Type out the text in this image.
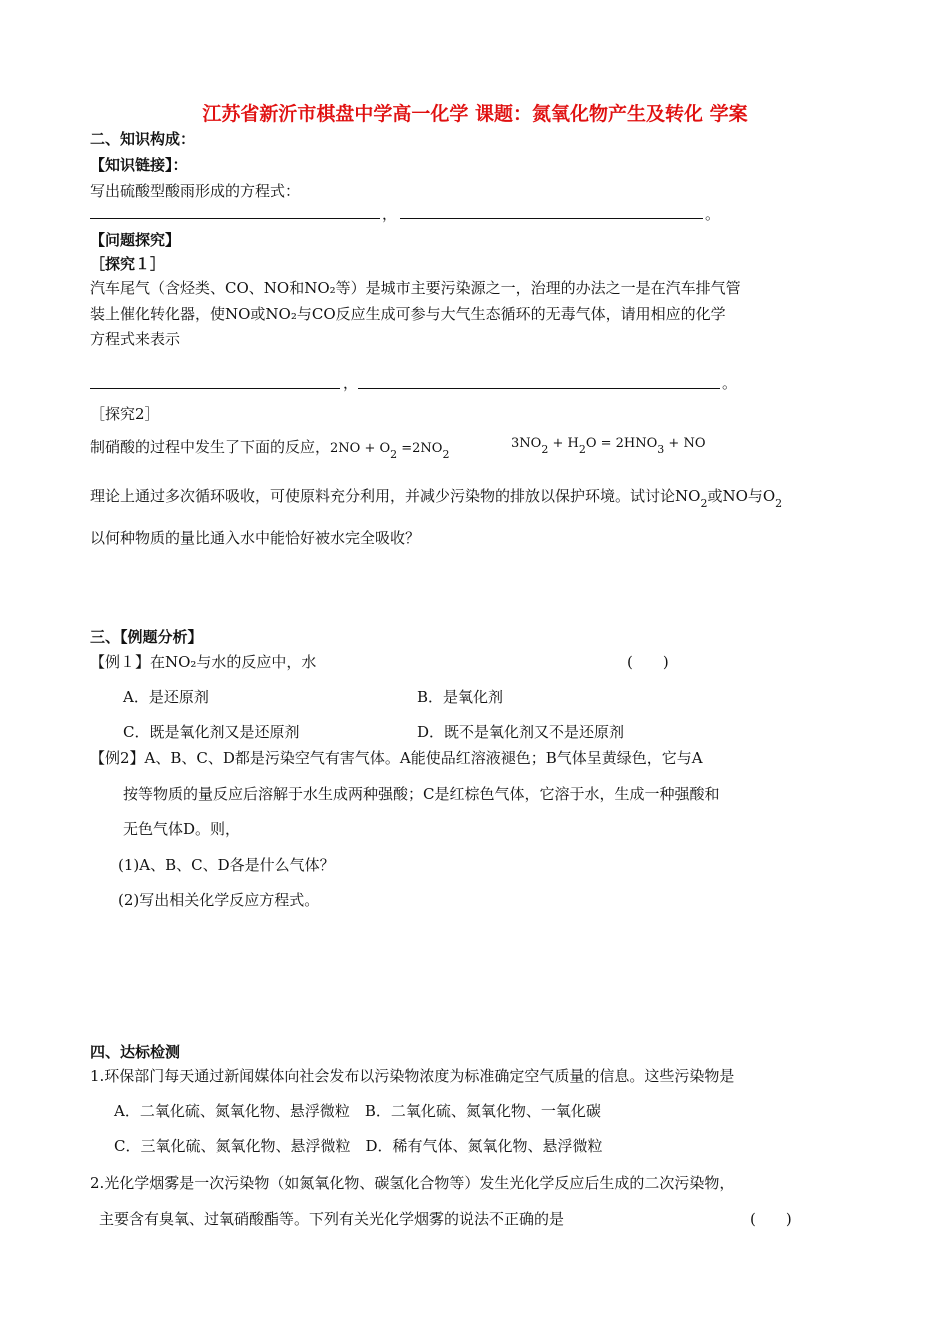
江苏省新沂市棋盘中学高一化学 课题：氮氧化物产生及转化 学案
二、知识构成：
【知识链接】：
写出硫酸型酸雨形成的方程式：
，	。
【问题探究】
［探究１］
汽车尾气（含烃类、CO、NO和NO₂等）是城市主要污染源之一，治理的办法之一是在汽车排气管
装上催化转化器，使NO或NO₂与CO反应生成可参与大气生态循环的无毒气体，请用相应的化学
方程式来表示
，	。
［探究2］
制硝酸的过程中发生了下面的反应，$2NO + O_2 =2NO_2$
$3NO_2 + H_2O = 2HNO_3$ + NO
理论上通过多次循环吸收，可使原料充分利用，并减少污染物的排放以保护环境。试讨论$NO_2$或NO与$O_2$
以何种物质的量比通入水中能恰好被水完全吸收？
三、【例题分析】
【例１】在NO₂与水的反应中，水	(　　)
A．是还原剂	B．是氧化剂
C．既是氧化剂又是还原剂	D．既不是氧化剂又不是还原剂
【例2】A、B、C、D都是污染空气有害气体。A能使品红溶液褪色；B气体呈黄绿色，它与A
按等物质的量反应后溶解于水生成两种强酸；C是红棕色气体，它溶于水，生成一种强酸和
无色气体D。则，
(1)A、B、C、D各是什么气体？
(2)写出相关化学反应方程式。
四、达标检测
1.环保部门每天通过新闻媒体向社会发布以污染物浓度为标准确定空气质量的信息。这些污染物是
A．二氧化硫、氮氧化物、悬浮微粒　B．二氧化硫、氮氧化物、一氧化碳
C．三氧化硫、氮氧化物、悬浮微粒　D．稀有气体、氮氧化物、悬浮微粒
2.光化学烟雾是一次污染物（如氮氧化物、碳氢化合物等）发生光化学反应后生成的二次污染物，
主要含有臭氧、过氧硝酸酯等。下列有关光化学烟雾的说法不正确的是	(　　)
